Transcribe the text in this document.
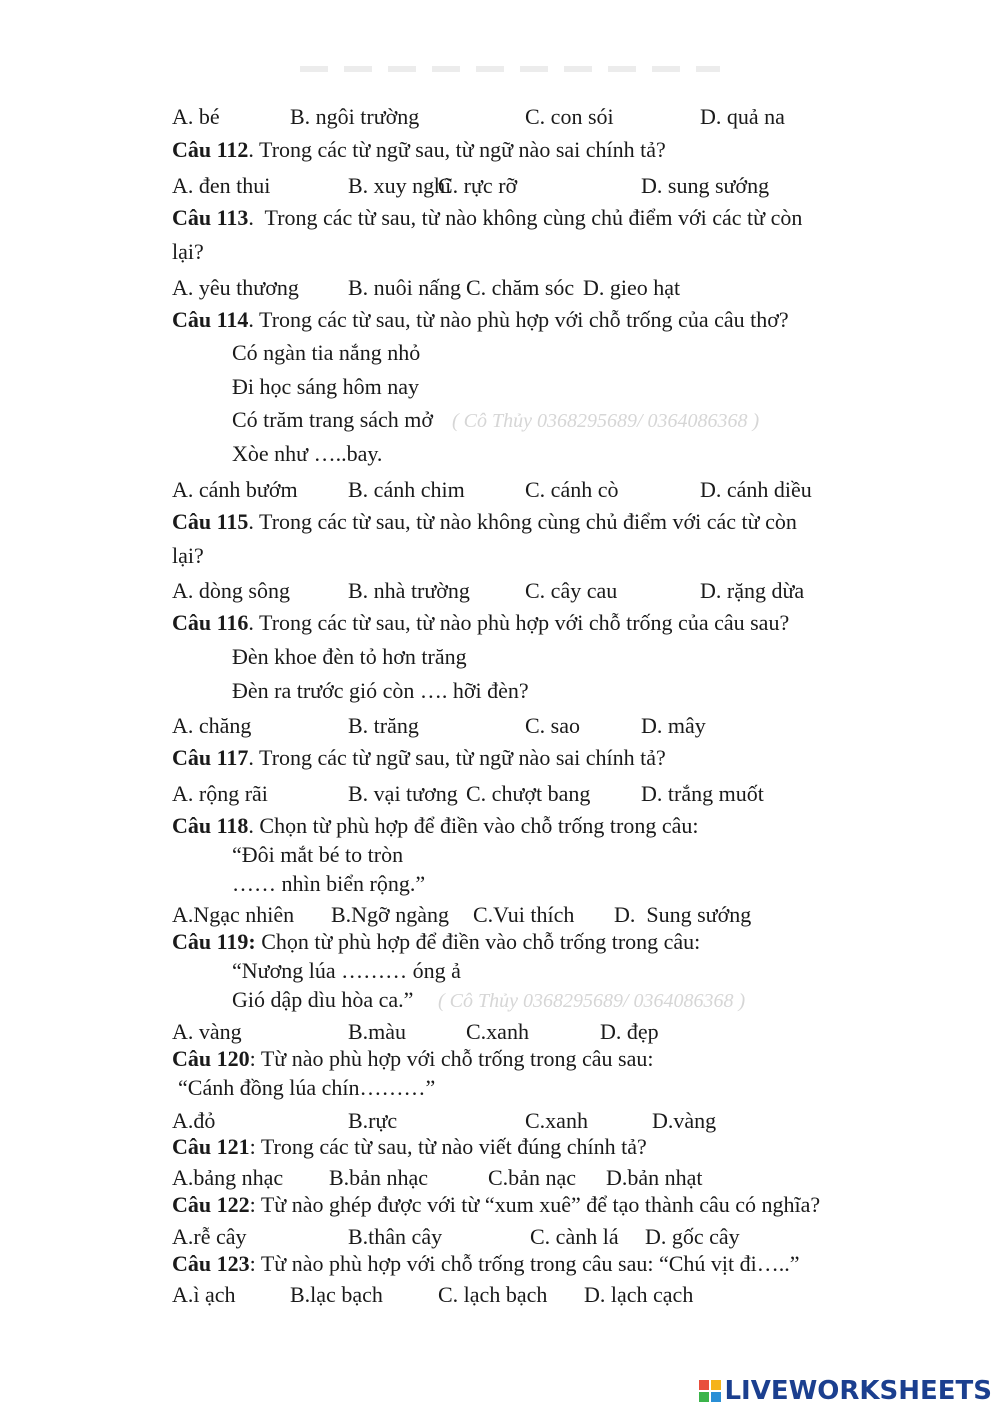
A. bé	B. ngôi trường	C. con sói	D. quả na
Câu 112. Trong các từ ngữ sau, từ ngữ nào sai chính tả?
A. đen thui	B. xuy nghĩ
C. rực rỡ	D. sung sướng
Câu 113.  Trong các từ sau, từ nào không cùng chủ điểm với các từ còn
lại?
A. yêu thương B. nuôi nấng C. chăm sóc D. gieo hạt
Câu 114. Trong các từ sau, từ nào phù hợp với chỗ trống của câu thơ?
Có ngàn tia nắng nhỏ
Đi học sáng hôm nay
Có trăm trang sách mở
Xòe như …..bay.
A. cánh bướm B. cánh chim	C. cánh cò	D. cánh diều
Câu 115. Trong các từ sau, từ nào không cùng chủ điểm với các từ còn
lại?
A. dòng sông	B. nhà trường	C. cây cau	D. rặng dừa
Câu 116. Trong các từ sau, từ nào phù hợp với chỗ trống của câu sau?
Đèn khoe đèn tỏ hơn trăng
Đèn ra trước gió còn …. hỡi đèn?
A. chăng	B. trăng	C. sao	D. mây
Câu 117. Trong các từ ngữ sau, từ ngữ nào sai chính tả?
A. rộng rãi	B. vại tương C. chượt bang D. trắng muốt
Câu 118. Chọn từ phù hợp để điền vào chỗ trống trong câu:
“Đôi mắt bé to tròn
…… nhìn biển rộng.”
A.Ngạc nhiên B.Ngỡ ngàng C.Vui thích D.  Sung sướng
Câu 119: Chọn từ phù hợp để điền vào chỗ trống trong câu:
“Nương lúa ……… óng ả
Gió dập dìu hòa ca.”
A. vàng	B.màu	C.xanh	D. đẹp
Câu 120: Từ nào phù hợp với chỗ trống trong câu sau:
“Cánh đồng lúa chín………”
A.đỏ	B.rực	C.xanh	D.vàng
Câu 121: Trong các từ sau, từ nào viết đúng chính tả?
A.bảng nhạc B.bản nhạc	C.bản nạc D.bản nhạt
Câu 122: Từ nào ghép được với từ “xum xuê” để tạo thành câu có nghĩa?
A.rễ cây	B.thân cây	C. cành lá D. gốc cây
Câu 123: Từ nào phù hợp với chỗ trống trong câu sau: “Chú vịt đi…..”
A.ì ạch B.lạc bạch	C. lạch bạch D. lạch cạch
( Cô Thủy 0368295689/ 0364086368 )
( Cô Thủy 0368295689/ 0364086368 )
LIVEWORKSHEETS
